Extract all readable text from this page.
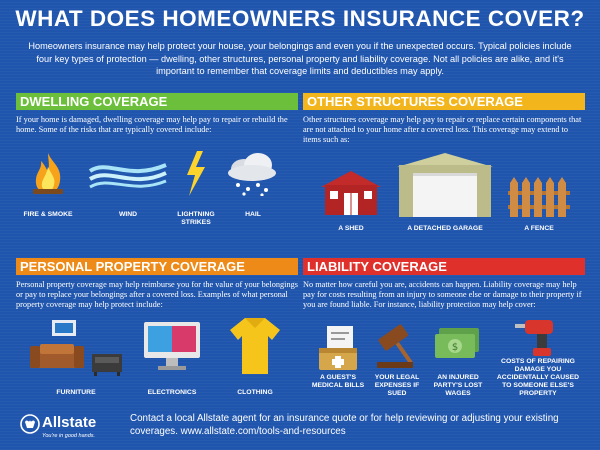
WHAT DOES HOMEOWNERS INSURANCE COVER?
Homeowners insurance may help protect your house, your belongings and even you if the unexpected occurs. Typical policies include four key types of protection — dwelling, other structures, personal property and liability coverage. Not all policies are alike, and it's important to remember that coverage limits and deductibles may apply.
DWELLING COVERAGE
If your home is damaged, dwelling coverage may help pay to repair or rebuild the home. Some of the risks that are typically covered include:
FIRE & SMOKE	WIND	LIGHTNING STRIKES
HAIL
OTHER STRUCTURES COVERAGE
Other structures coverage may help pay to repair or replace certain components that are not attached to your home after a covered loss. This coverage may extend to items such as:
A SHED	A DETACHED GARAGE	A FENCE
PERSONAL PROPERTY COVERAGE
Personal property coverage may help reimburse you for the value of your belongings or pay to replace your belongings after a covered loss. Examples of what personal property coverage may help protect include:
FURNITURE	ELECTRONICS	CLOTHING
LIABILITY COVERAGE
No matter how careful you are, accidents can happen. Liability coverage may help pay for costs resulting from an injury to someone else or damage to their property if you are found liable. For instance, liability protection may help cover:
A GUEST'S MEDICAL BILLS
YOUR LEGAL EXPENSES IF SUED
$
AN INJURED PARTY'S LOST WAGES
COSTS OF REPAIRING DAMAGE YOU ACCIDENTALLY CAUSED TO SOMEONE ELSE'S PROPERTY
Allstate
You're in good hands.
Contact a local Allstate agent for an insurance quote or for help reviewing or adjusting your existing coverages. www.allstate.com/tools-and-resources
